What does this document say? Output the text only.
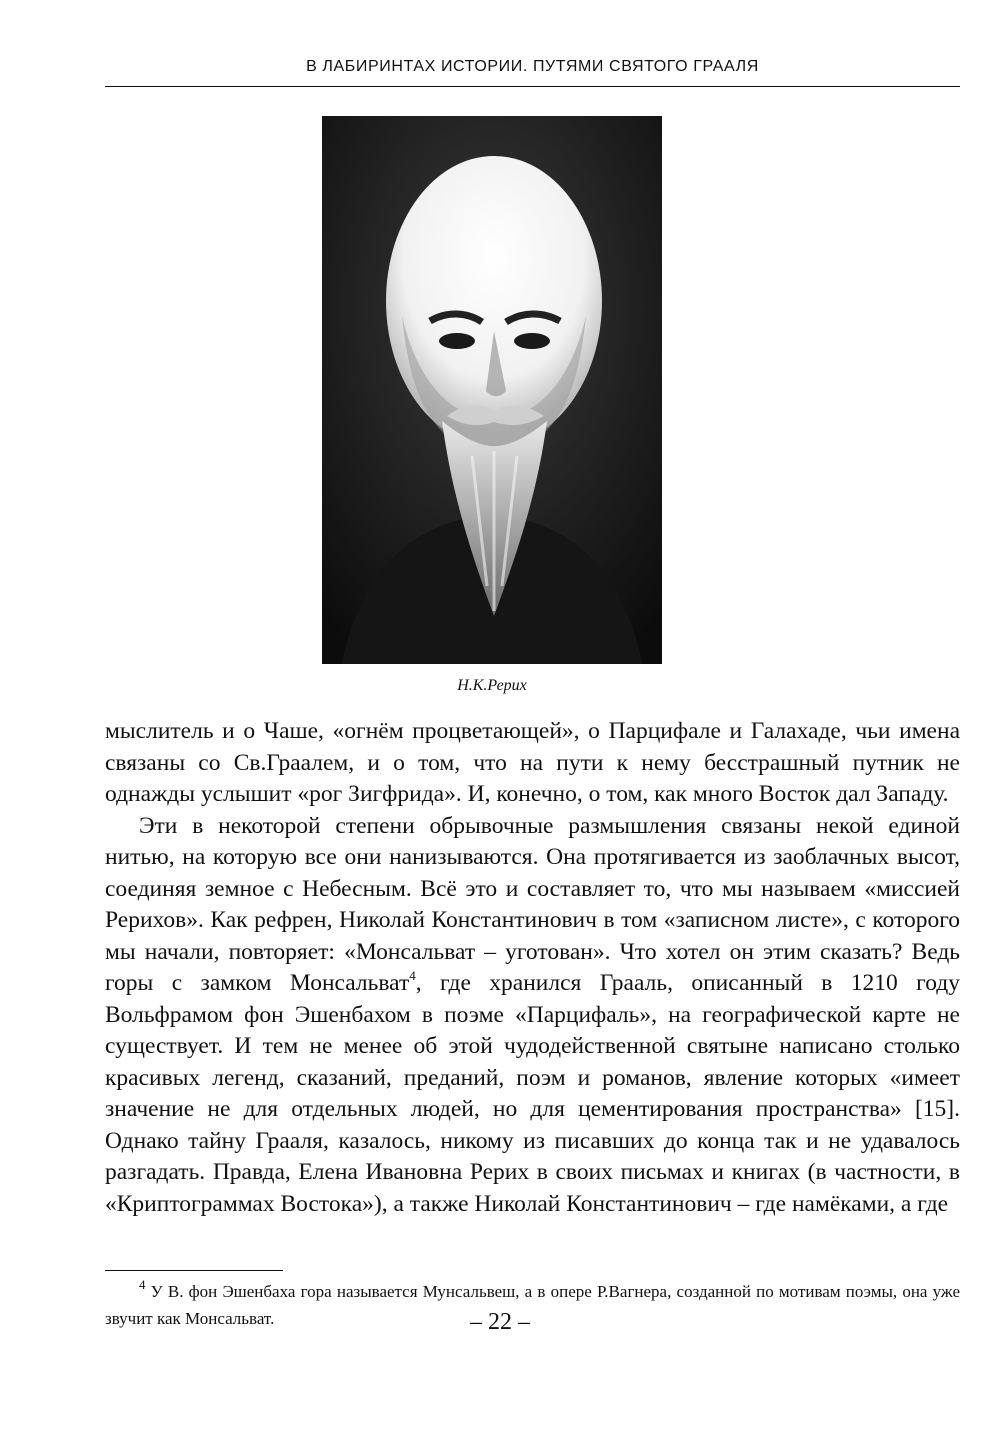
В ЛАБИРИНТАХ ИСТОРИИ. ПУТЯМИ СВЯТОГО ГРААЛЯ
Н.К.Рерих

мыслитель и о Чаше, «огнём процветающей», о Парцифале и Галахаде, чьи имена связаны со Св.Граалем, и о том, что на пути к нему бесстрашный путник не однажды услышит «рог Зигфрида». И, конечно, о том, как много Восток дал Западу.

Эти в некоторой степени обрывочные размышления связаны некой единой нитью, на которую все они нанизываются. Она протягивается из заоблачных высот, соединяя земное с Небесным. Всё это и составляет то, что мы называем «миссией Рерихов». Как рефрен, Николай Константинович в том «записном листе», с которого мы начали, повторяет: «Монсальват – уготован». Что хотел он этим сказать? Ведь горы с замком Монсальват$^4$, где хранился Грааль, описанный в 1210 году Вольфрамом фон Эшенбахом в поэме «Парцифаль», на географической карте не существует. И тем не менее об этой чудодейственной святыне написано столько красивых легенд, сказаний, преданий, поэм и романов, явление которых «имеет значение не для отдельных людей, но для цементирования пространства» [15]. Однако тайну Грааля, казалось, никому из писавших до конца так и не удавалось разгадать. Правда, Елена Ивановна Рерих в своих письмах и книгах (в частности, в «Криптограммах Востока»), а также Николай Константинович – где намёками, а где

$^4$ У В. фон Эшенбаха гора называется Мунсальвеш, а в опере Р.Вагнера, созданной по мотивам поэмы, она уже звучит как Монсальват.	– 22 –
